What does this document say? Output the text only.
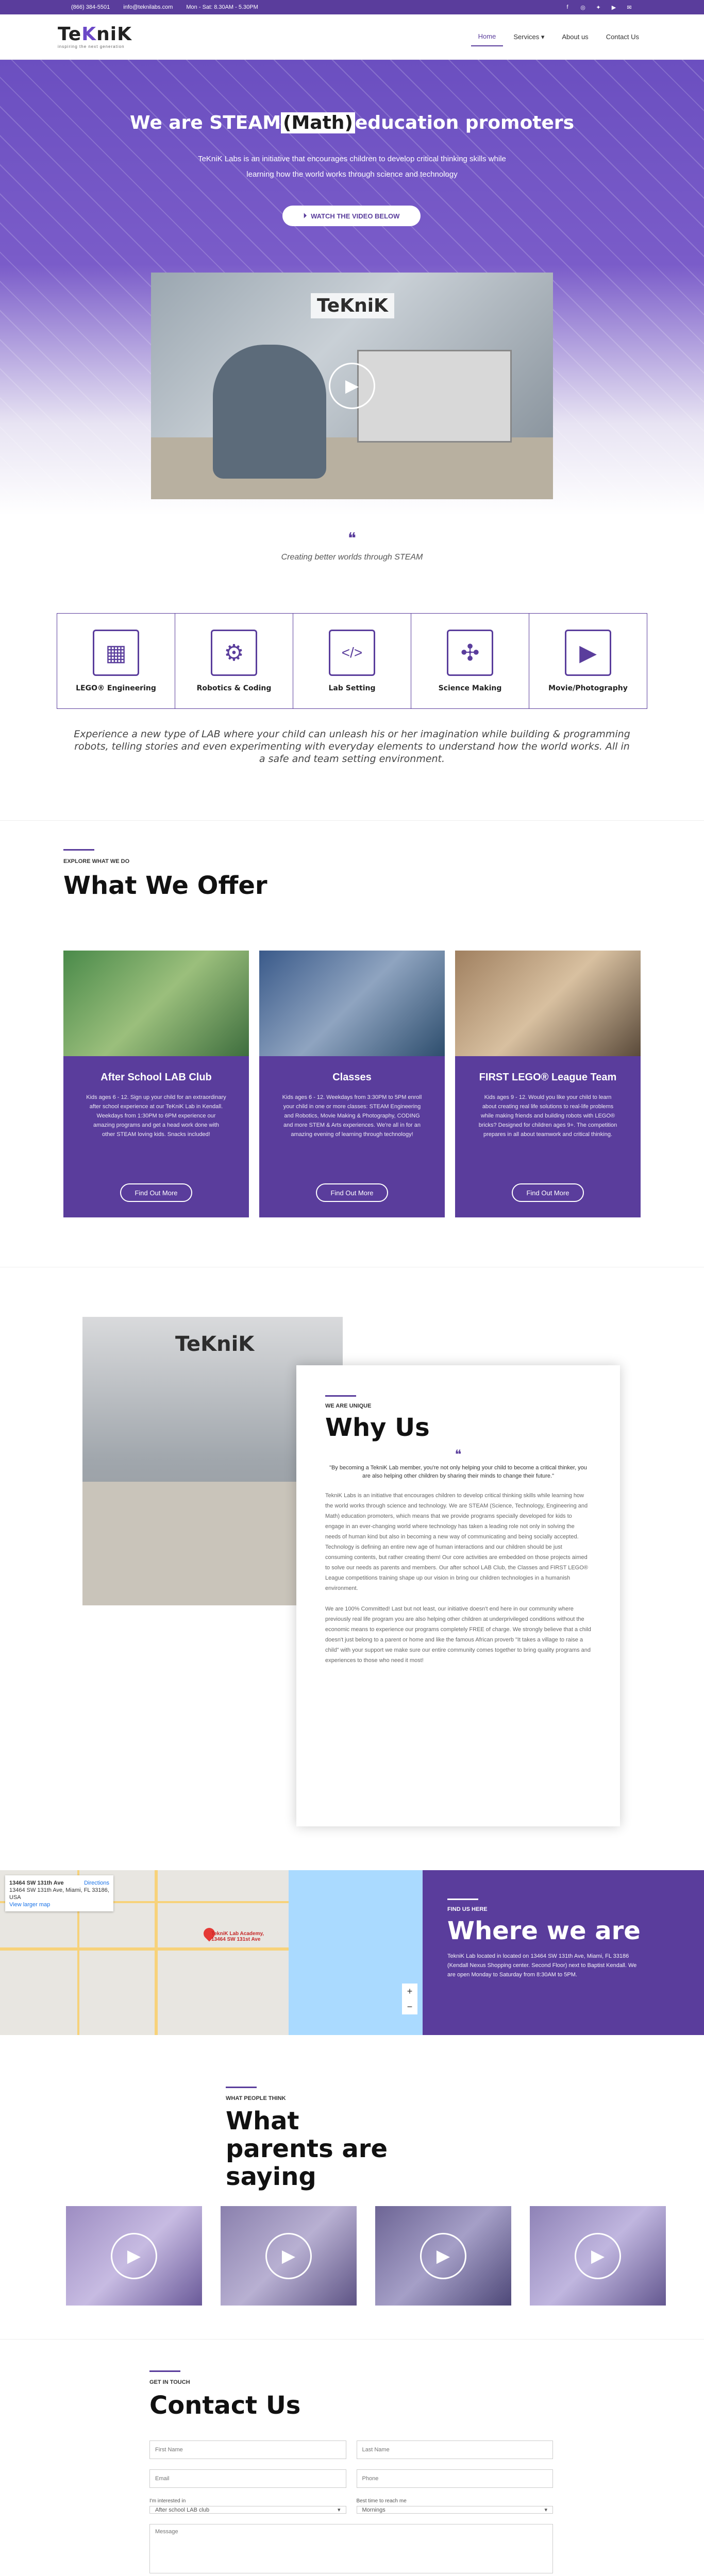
(866) 384-5501 info@teknilabs.com Mon - Sat: 8.30AM - 5.30PM	f	◎ ✦ ▶ ✉
TeKniK
inspiring the next generation
Home	Services ▾	About us	Contact Us
We are STEAM (Math) education promoters

TeKniK Labs is an initiative that encourages children to develop critical thinking skills while learning how the world works through science and technology

⏵ WATCH THE VIDEO BELOW
TeKniK
▶
❝
Creating better worlds through STEAM
▦
LEGO® Engineering
⚙
Robotics & Coding
</>
Lab Setting
✣
Science Making
▶
Movie/Photography

Experience a new type of LAB where your child can unleash his or her imagination while building & programming robots, telling stories and even experimenting with everyday elements to understand how the world works. All in a safe and team setting environment.

EXPLORE WHAT WE DO
What We Offer
After School LAB Club

Kids ages 6 - 12. Sign up your child for an extraordinary after school experience at our TeKniK Lab in Kendall. Weekdays from 1:30PM to 6PM experience our amazing programs and get a head work done with other STEAM loving kids. Snacks included!

Find Out More
Classes

Kids ages 6 - 12. Weekdays from 3:30PM to 5PM enroll your child in one or more classes: STEAM Engineering and Robotics, Movie Making & Photography, CODING and more STEM & Arts experiences. We're all in for an amazing evening of learning through technology!

Find Out More
FIRST LEGO® League Team

Kids ages 9 - 12. Would you like your child to learn about creating real life solutions to real-life problems while making friends and building robots with LEGO® bricks? Designed for children ages 9+. The competition prepares in all about teamwork and critical thinking.

Find Out More
TeKniK
WE ARE UNIQUE
Why Us
❝
"By becoming a TekniK Lab member, you're not only helping your child to become a critical thinker, you are also helping other children by sharing their minds to change their future."

TekniK Labs is an initiative that encourages children to develop critical thinking skills while learning how the world works through science and technology. We are STEAM (Science, Technology, Engineering and Math) education promoters, which means that we provide programs specially developed for kids to engage in an ever-changing world where technology has taken a leading role not only in solving the needs of human kind but also in becoming a new way of communicating and being socially accepted. Technology is defining an entire new age of human interactions and our children should be just consuming contents, but rather creating them! Our core activities are embedded on those projects aimed to solve our needs as parents and members. Our after school LAB Club, the Classes and FIRST LEGO® League competitions training shape up our vision in bring our children technologies in a humanish environment.

We are 100% Committed! Last but not least, our initiative doesn't end here in our community where previously real life program you are also helping other children at underprivileged conditions without the economic means to experience our programs completely FREE of charge. We strongly believe that a child doesn't just belong to a parent or home and like the famous African proverb "It takes a village to raise a child" with your support we make sure our entire community comes together to bring quality programs and experiences to those who need it most!

TekniK Lab Academy, 13464 SW 131st Ave
13464 SW 131th Ave
13464 SW 131th Ave, Miami, FL 33186, USA
View larger map
Directions
+
−
FIND US HERE
Where we are

TekniK Lab located in located on 13464 SW 131th Ave, Miami, FL 33186 (Kendall Nexus Shopping center. Second Floor) next to Baptist Kendall. We are open Monday to Saturday from 8:30AM to 5PM.

WHAT PEOPLE THINK
What parents are saying
▶	▶	▶	▶
GET IN TOUCH
Contact Us
First Name
Last Name
Email
Phone
I'm interested in
After school LAB club	▾
Best time to reach me
Mornings	▾
Message
